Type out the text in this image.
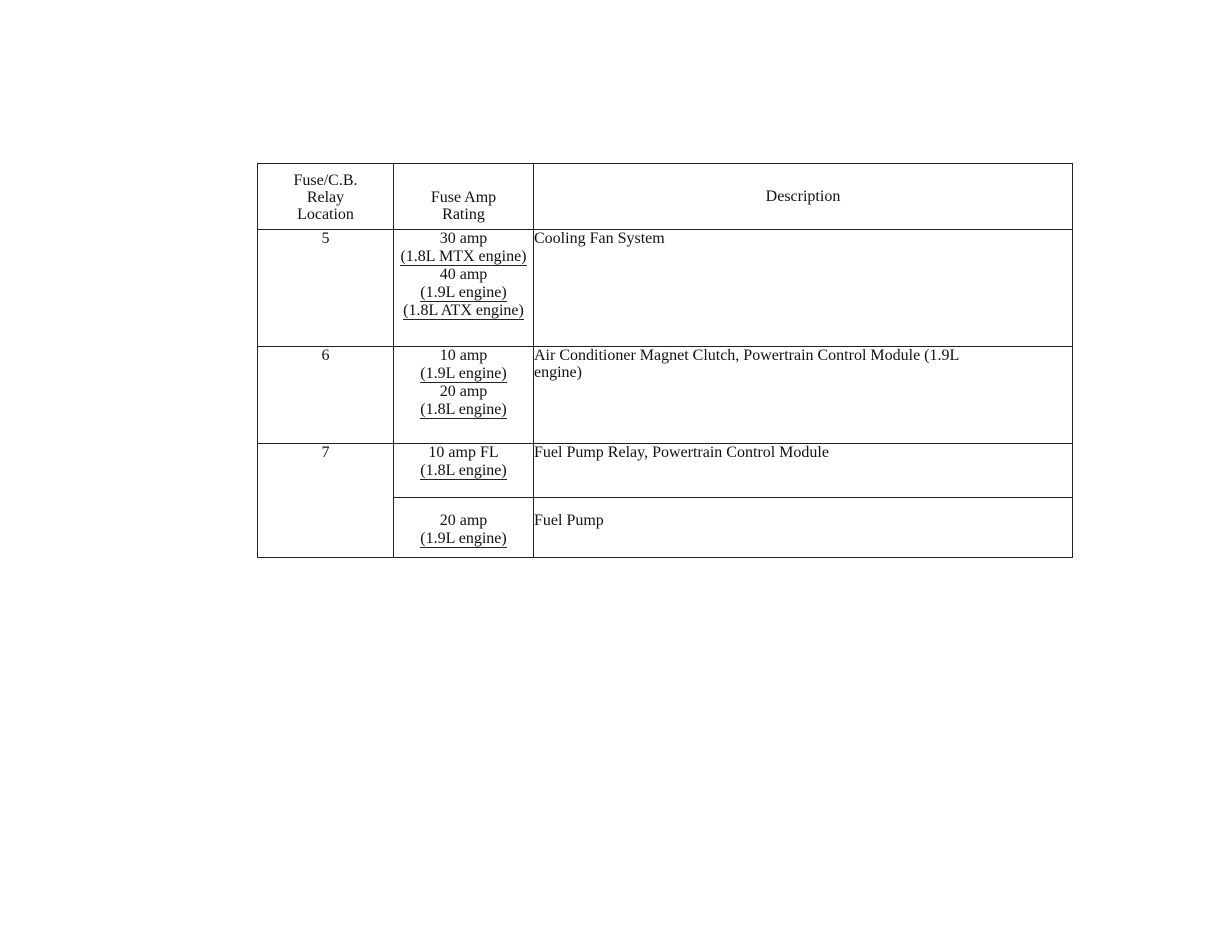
Fuse/C.B.
Relay
Location	Fuse Amp
Rating	Description
5	30 amp
(1.8L MTX engine)
40 amp
(1.9L engine)
(1.8L ATX engine)	Cooling Fan System
6	10 amp
(1.9L engine)
20 amp
(1.8L engine)	Air Conditioner Magnet Clutch, Powertrain Control Module (1.9L engine)

7	10 amp FL
(1.8L engine)	Fuel Pump Relay, Powertrain Control Module

	20 amp
(1.9L engine)	Fuel Pump
